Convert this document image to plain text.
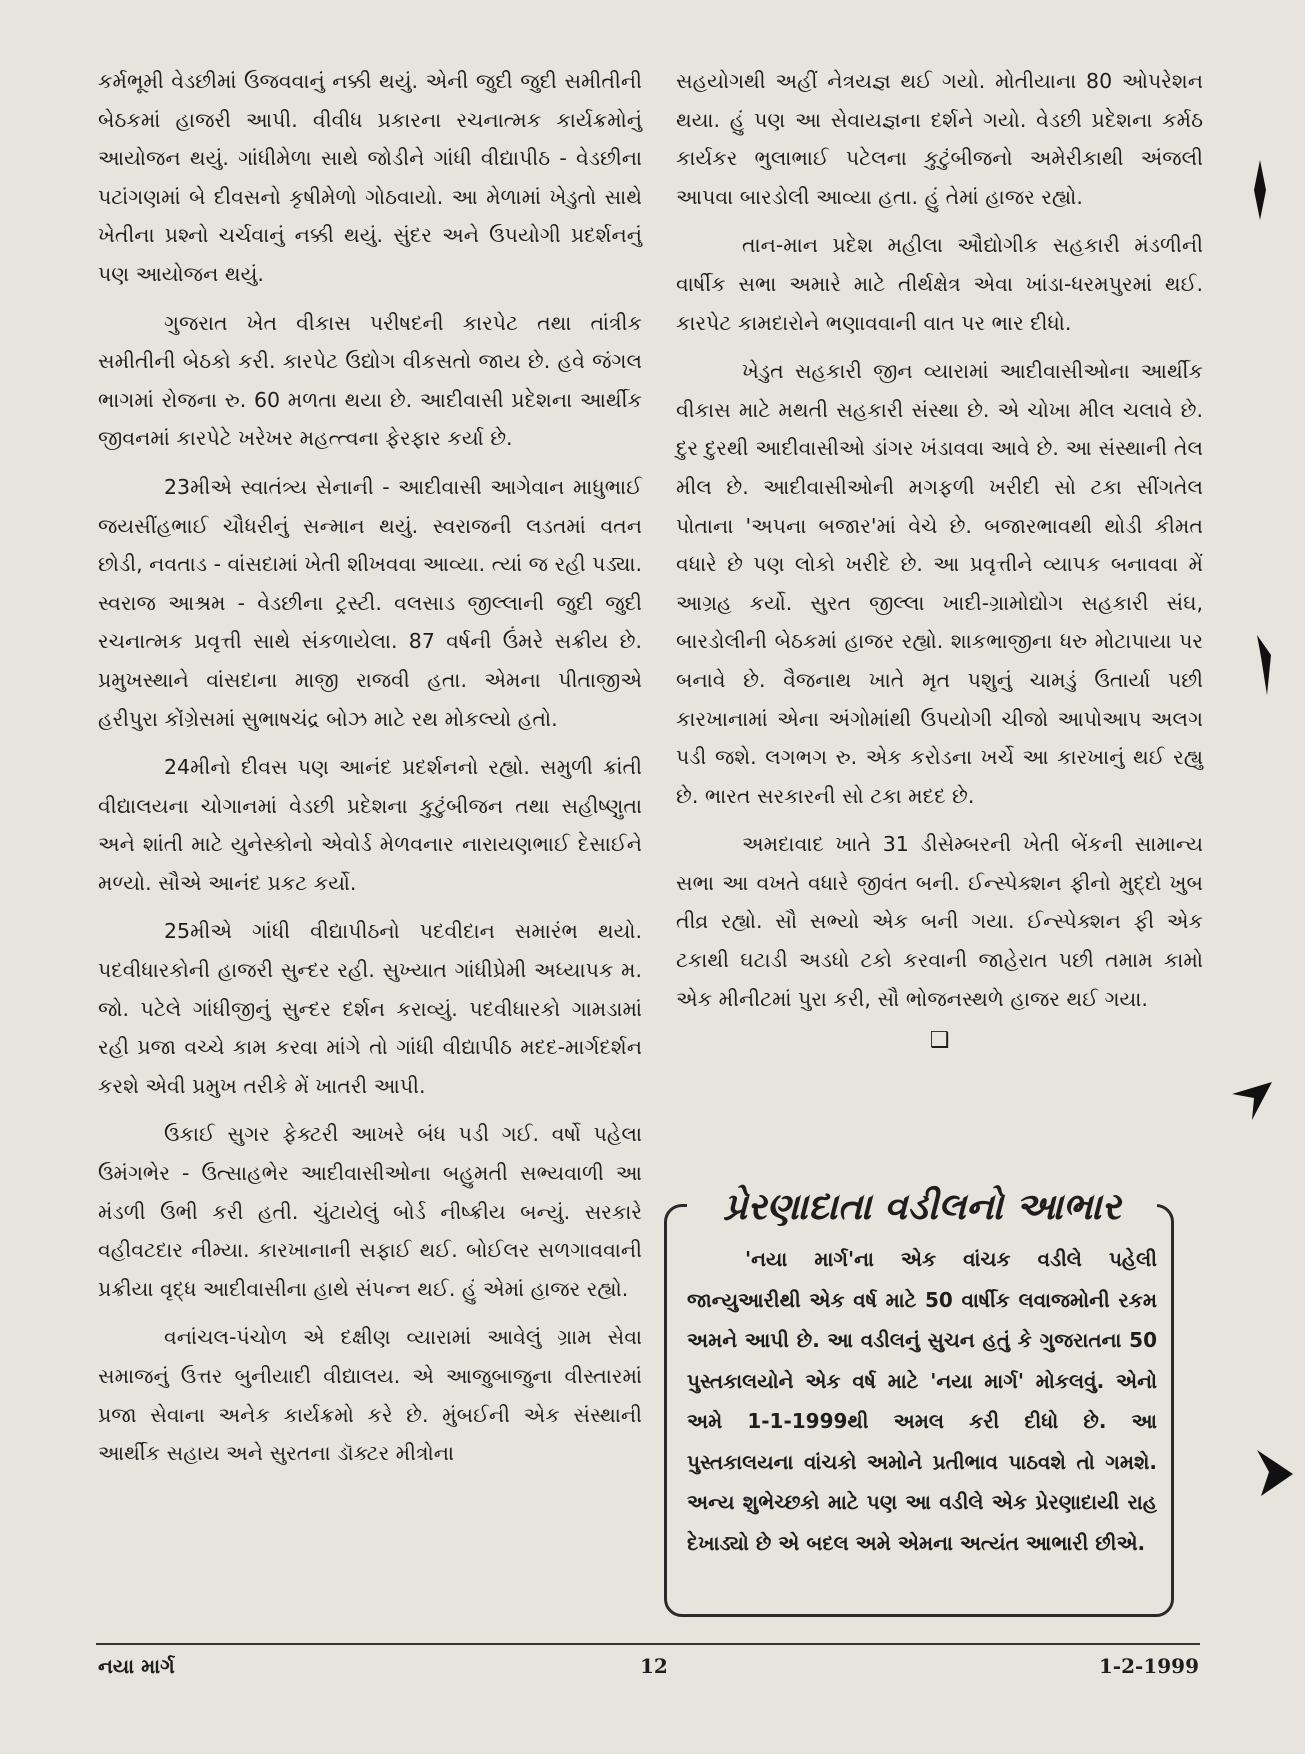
કર્મભૂમી વેડછીમાં ઉજવવાનું નક્કી થયું. એની જુદી જુદી સમીતીની બેઠકમાં હાજરી આપી. વીવીધ પ્રકારના રચનાત્મક કાર્યક્રમોનું આયોજન થયું. ગાંધીમેળા સાથે જોડીને ગાંધી વીદ્યાપીઠ - વેડછીના પટાંગણમાં બે દીવસનો કૃષીમેળો ગોઠવાયો. આ મેળામાં ખેડુતો સાથે ખેતીના પ્રશ્નો ચર્ચવાનું નક્કી થયું. સુંદર અને ઉપયોગી પ્રદર્શનનું પણ આયોજન થયું.

ગુજરાત ખેત વીકાસ પરીષદની કારપેટ તથા તાંત્રીક સમીતીની બેઠકો કરી. કારપેટ ઉદ્યોગ વીકસતો જાય છે. હવે જંગલ ભાગમાં રોજના રુ. 60 મળતા થયા છે. આદીવાસી પ્રદેશના આર્થીક જીવનમાં કારપેટે ખરેખર મહત્ત્વના ફેરફાર કર્યા છે.

23મીએ સ્વાતંત્ર્ય સેનાની - આદીવાસી આગેવાન માધુભાઈ જયસીંહભાઈ ચૌધરીનું સન્માન થયું. સ્વરાજની લડતમાં વતન છોડી, નવતાડ - વાંસદામાં ખેતી શીખવવા આવ્યા. ત્યાં જ રહી પડ્યા. સ્વરાજ આશ્રમ - વેડછીના ટ્રસ્ટી. વલસાડ જીલ્લાની જુદી જુદી રચનાત્મક પ્રવૃત્તી સાથે સંકળાયેલા. 87 વર્ષની ઉંમરે સક્રીય છે. પ્રમુખસ્થાને વાંસદાના માજી રાજવી હતા. એમના પીતાજીએ હરીપુરા કોંગ્રેસમાં સુભાષચંદ્ર બોઝ માટે રથ મોકલ્યો હતો.

24મીનો દીવસ પણ આનંદ પ્રદર્શનનો રહ્યો. સમુળી ક્રાંતી વીદ્યાલયના ચોગાનમાં વેડછી પ્રદેશના કુટુંબીજન તથા સહીષ્ણુતા અને શાંતી માટે યુનેસ્કોનો એવોર્ડ મેળવનાર નારાયણભાઈ દેસાઈને મળ્યો. સૌએ આનંદ પ્રકટ કર્યો.

25મીએ ગાંધી વીદ્યાપીઠનો પદવીદાન સમારંભ થયો. પદવીધારકોની હાજરી સુન્દર રહી. સુખ્યાત ગાંધીપ્રેમી અધ્યાપક મ. જો. પટેલે ગાંધીજીનું સુન્દર દર્શન કરાવ્યું. પદવીધારકો ગામડામાં રહી પ્રજા વચ્ચે કામ કરવા માંગે તો ગાંધી વીદ્યાપીઠ મદદ-માર્ગદર્શન કરશે એવી પ્રમુખ તરીકે મેં ખાતરી આપી.

ઉકાઈ સુગર ફેક્ટરી આખરે બંધ પડી ગઈ. વર્ષો પહેલા ઉમંગભેર - ઉત્સાહભેર આદીવાસીઓના બહુમતી સભ્યવાળી આ મંડળી ઉભી કરી હતી. ચુંટાયેલું બોર્ડ નીષ્ક્રીય બન્યું. સરકારે વહીવટદાર નીમ્યા. કારખાનાની સફાઈ થઈ. બોઈલર સળગાવવાની પ્રક્રીયા વૃદ્ધ આદીવાસીના હાથે સંપન્ન થઈ. હું એમાં હાજર રહ્યો.

વનાંચલ-પંચોળ એ દક્ષીણ વ્યારામાં આવેલું ગ્રામ સેવા સમાજનું ઉત્તર બુનીયાદી વીદ્યાલય. એ આજુબાજુના વીસ્તારમાં પ્રજા સેવાના અનેક કાર્યક્રમો કરે છે. મુંબઈની એક સંસ્થાની આર્થીક સહાય અને સુરતના ડૉક્ટર મીત્રોના

સહયોગથી અહીં નેત્રયજ્ઞ થઈ ગયો. મોતીયાના 80 ઓપરેશન થયા. હું પણ આ સેવાયજ્ઞના દર્શને ગયો. વેડછી પ્રદેશના કર્મઠ કાર્યકર ભુલાભાઈ પટેલના કુટુંબીજનો અમેરીકાથી અંજલી આપવા બારડોલી આવ્યા હતા. હું તેમાં હાજર રહ્યો.

તાન-માન પ્રદેશ મહીલા ઔદ્યોગીક સહકારી મંડળીની વાર્ષીક સભા અમારે માટે તીર્થક્ષેત્ર એવા ખાંડા-ધરમપુરમાં થઈ. કારપેટ કામદારોને ભણાવવાની વાત પર ભાર દીધો.

ખેડુત સહકારી જીન વ્યારામાં આદીવાસીઓના આર્થીક વીકાસ માટે મથતી સહકારી સંસ્થા છે. એ ચોખા મીલ ચલાવે છે. દુર દુરથી આદીવાસીઓ ડાંગર ખંડાવવા આવે છે. આ સંસ્થાની તેલ મીલ છે. આદીવાસીઓની મગફળી ખરીદી સો ટકા સીંગતેલ પોતાના 'અપના બજાર'માં વેચે છે. બજારભાવથી થોડી કીમત વધારે છે પણ લોકો ખરીદે છે. આ પ્રવૃત્તીને વ્યાપક બનાવવા મેં આગ્રહ કર્યો. સુરત જીલ્લા ખાદી-ગ્રામોદ્યોગ સહકારી સંઘ, બારડોલીની બેઠકમાં હાજર રહ્યો. શાકભાજીના ધરુ મોટાપાયા પર બનાવે છે. વૈજનાથ ખાતે મૃત પશુનું ચામડું ઉતાર્યા પછી કારખાનામાં એના અંગોમાંથી ઉપયોગી ચીજો આપોઆપ અલગ પડી જશે. લગભગ રુ. એક કરોડના ખર્ચે આ કારખાનું થઈ રહ્યુ છે. ભારત સરકારની સો ટકા મદદ છે.

અમદાવાદ ખાતે 31 ડીસેમ્બરની ખેતી બેંકની સામાન્ય સભા આ વખતે વધારે જીવંત બની. ઈન્સ્પેક્શન ફીનો મુદ્દો ખુબ તીવ્ર રહ્યો. સૌ સભ્યો એક બની ગયા. ઈન્સ્પેક્શન ફી એક ટકાથી ઘટાડી અડધો ટકો કરવાની જાહેરાત પછી તમામ કામો એક મીનીટમાં પુરા કરી, સૌ ભોજનસ્થળે હાજર થઈ ગયા.

❑
પ્રેરણાદાતા વડીલનો આભાર
'નયા માર્ગ'ના એક વાંચક વડીલે પહેલી જાન્યુઆરીથી એક વર્ષ માટે 50 વાર્ષીક લવાજમોની રકમ અમને આપી છે. આ વડીલનું સુચન હતું કે ગુજરાતના 50 પુસ્તકાલયોને એક વર્ષ માટે 'નયા માર્ગ' મોકલવું. એનો અમે 1-1-1999થી અમલ કરી દીધો છે. આ પુસ્તકાલયના વાંચકો અમોને પ્રતીભાવ પાઠવશે તો ગમશે. અન્ય શુભેચ્છકો માટે પણ આ વડીલે એક પ્રેરણાદાયી રાહ દેખાડ્યો છે એ બદલ અમે એમના અત્યંત આભારી છીએ.
નયા માર્ગ	12	1-2-1999
